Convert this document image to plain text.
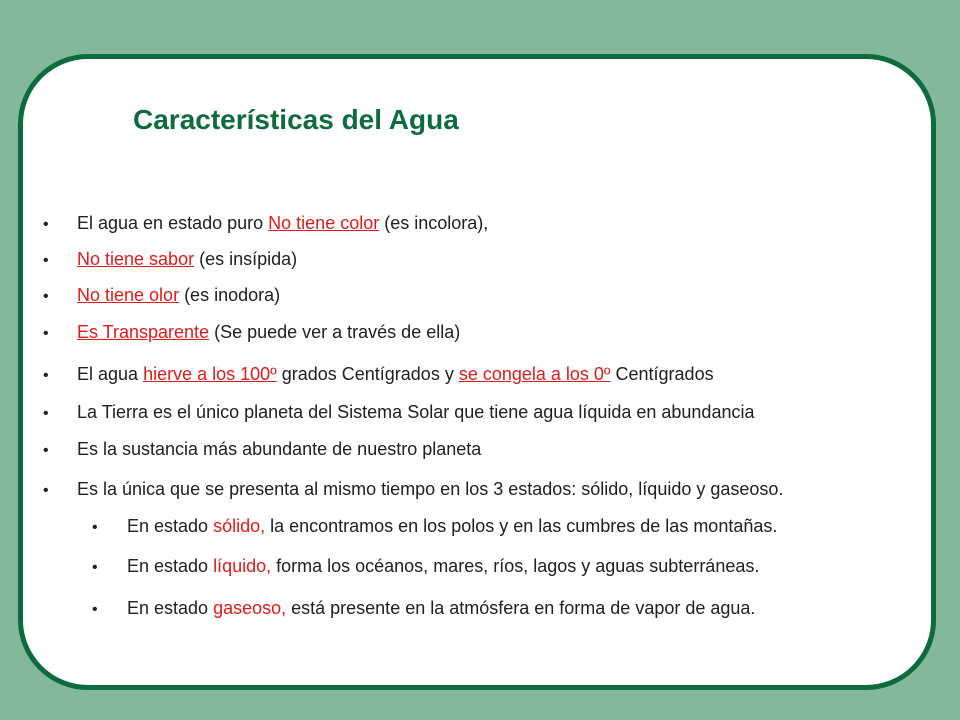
Características del Agua
• El agua en estado puro No tiene color (es incolora),
• No tiene sabor (es insípida)
• No tiene olor (es inodora)
• Es Transparente (Se puede ver a través de ella)
• El agua hierve a los 100º grados Centígrados y se congela a los 0º Centígrados
• La Tierra es el único planeta del Sistema Solar que tiene agua líquida en abundancia
• Es la sustancia más abundante de nuestro planeta
• Es la única que se presenta al mismo tiempo en los 3 estados: sólido, líquido y gaseoso.
• En estado sólido, la encontramos en los polos y en las cumbres de las montañas.
• En estado líquido, forma los océanos, mares, ríos, lagos y aguas subterráneas.
• En estado gaseoso, está presente en la atmósfera en forma de vapor de agua.
